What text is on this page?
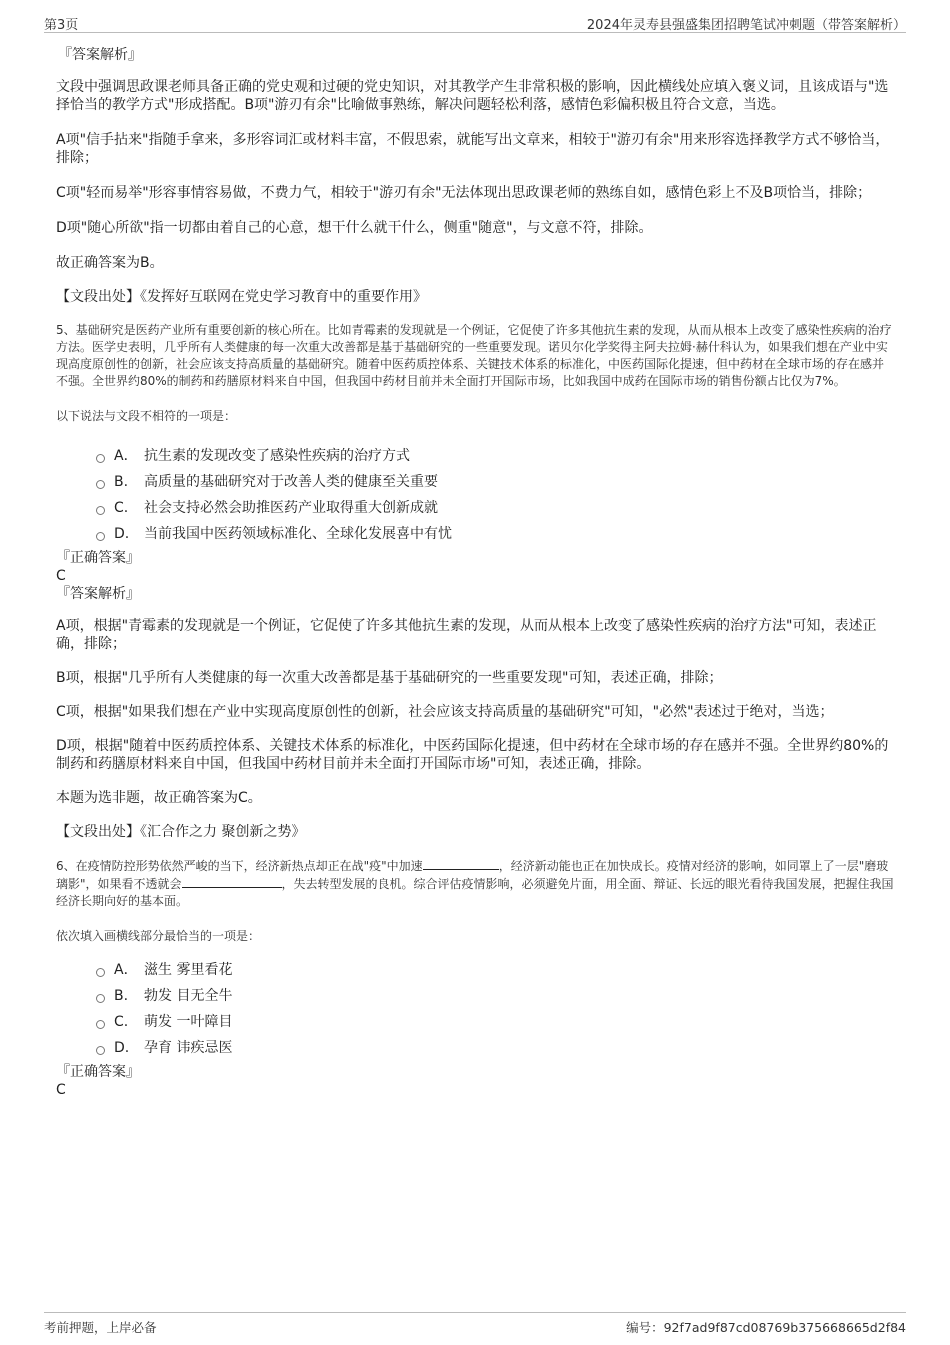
第3页	2024年灵寿县强盛集团招聘笔试冲刺题（带答案解析）
『答案解析』

文段中强调思政课老师具备正确的党史观和过硬的党史知识，对其教学产生非常积极的影响，因此横线处应填入褒义词，且该成语与"选择恰当的教学方式"形成搭配。B项"游刃有余"比喻做事熟练，解决问题轻松利落，感情色彩偏积极且符合文意，当选。

A项"信手拈来"指随手拿来，多形容词汇或材料丰富，不假思索，就能写出文章来，相较于"游刃有余"用来形容选择教学方式不够恰当，排除；

C项"轻而易举"形容事情容易做，不费力气，相较于"游刃有余"无法体现出思政课老师的熟练自如，感情色彩上不及B项恰当，排除；

D项"随心所欲"指一切都由着自己的心意，想干什么就干什么，侧重"随意"，与文意不符，排除。

故正确答案为B。

【文段出处】《发挥好互联网在党史学习教育中的重要作用》

5、基础研究是医药产业所有重要创新的核心所在。比如青霉素的发现就是一个例证，它促使了许多其他抗生素的发现，从而从根本上改变了感染性疾病的治疗方法。医学史表明，几乎所有人类健康的每一次重大改善都是基于基础研究的一些重要发现。诺贝尔化学奖得主阿夫拉姆·赫什科认为，如果我们想在产业中实现高度原创性的创新，社会应该支持高质量的基础研究。随着中医药质控体系、关键技术体系的标准化，中医药国际化提速，但中药材在全球市场的存在感并不强。全世界约80%的制药和药膳原材料来自中国，但我国中药材目前并未全面打开国际市场，比如我国中成药在国际市场的销售份额占比仅为7%。

以下说法与文段不相符的一项是：

A． 抗生素的发现改变了感染性疾病的治疗方式
B.	高质量的基础研究对于改善人类的健康至关重要
C.	社会支持必然会助推医药产业取得重大创新成就
D.	当前我国中医药领域标准化、全球化发展喜中有忧
『正确答案』
C
『答案解析』

A项，根据"青霉素的发现就是一个例证，它促使了许多其他抗生素的发现，从而从根本上改变了感染性疾病的治疗方法"可知，表述正确，排除；

B项，根据"几乎所有人类健康的每一次重大改善都是基于基础研究的一些重要发现"可知，表述正确，排除；

C项，根据"如果我们想在产业中实现高度原创性的创新，社会应该支持高质量的基础研究"可知，"必然"表述过于绝对，当选；

D项，根据"随着中医药质控体系、关键技术体系的标准化，中医药国际化提速，但中药材在全球市场的存在感并不强。全世界约80%的制药和药膳原材料来自中国，但我国中药材目前并未全面打开国际市场"可知，表述正确，排除。

本题为选非题，故正确答案为C。

【文段出处】《汇合作之力 聚创新之势》

6、在疫情防控形势依然严峻的当下，经济新热点却正在战"疫"中加速	，经济新动能也正在加快成长。疫情对经济的影响，如同罩上了一层"磨玻璃影"，如果看不透就会	，失去转型发展的良机。综合评估疫情影响，必须避免片面，用全面、辩证、长远的眼光看待我国发展，把握住我国经济长期向好的基本面。

依次填入画横线部分最恰当的一项是：

A． 滋生 雾里看花
B.	勃发 目无全牛
C.	萌发 一叶障目
D.	孕育 讳疾忌医
『正确答案』
C
考前押题，上岸必备	编号：92f7ad9f87cd08769b375668665d2f84
